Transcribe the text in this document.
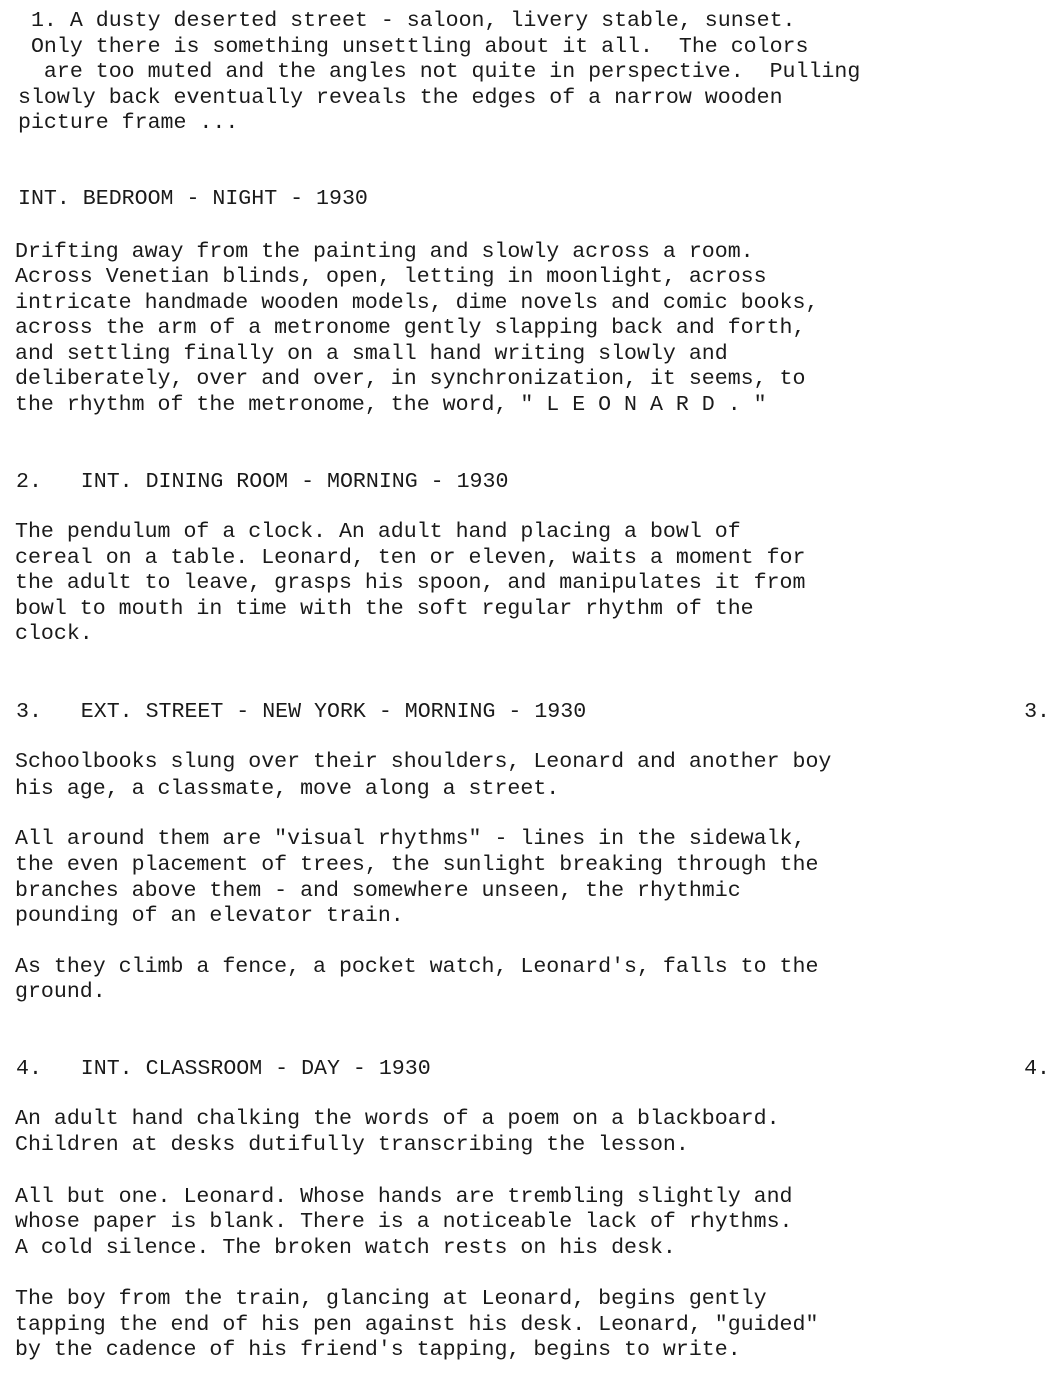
1. A dusty deserted street - saloon, livery stable, sunset.
Only there is something unsettling about it all.  The colors
are too muted and the angles not quite in perspective.  Pulling
slowly back eventually reveals the edges of a narrow wooden
picture frame ...
INT. BEDROOM - NIGHT - 1930
Drifting away from the painting and slowly across a room.
Across Venetian blinds, open, letting in moonlight, across
intricate handmade wooden models, dime novels and comic books,
across the arm of a metronome gently slapping back and forth,
and settling finally on a small hand writing slowly and
deliberately, over and over, in synchronization, it seems, to
the rhythm of the metronome, the word, " L E O N A R D . "
2.   INT. DINING ROOM - MORNING - 1930
The pendulum of a clock. An adult hand placing a bowl of
cereal on a table. Leonard, ten or eleven, waits a moment for
the adult to leave, grasps his spoon, and manipulates it from
bowl to mouth in time with the soft regular rhythm of the
clock.
3.   EXT. STREET - NEW YORK - MORNING - 1930	3.
Schoolbooks slung over their shoulders, Leonard and another boy
his age, a classmate, move along a street.
All around them are "visual rhythms" - lines in the sidewalk,
the even placement of trees, the sunlight breaking through the
branches above them - and somewhere unseen, the rhythmic
pounding of an elevator train.
As they climb a fence, a pocket watch, Leonard's, falls to the
ground.
4.   INT. CLASSROOM - DAY - 1930	4.
An adult hand chalking the words of a poem on a blackboard.
Children at desks dutifully transcribing the lesson.
All but one. Leonard. Whose hands are trembling slightly and
whose paper is blank. There is a noticeable lack of rhythms.
A cold silence. The broken watch rests on his desk.
The boy from the train, glancing at Leonard, begins gently
tapping the end of his pen against his desk. Leonard, "guided"
by the cadence of his friend's tapping, begins to write.
